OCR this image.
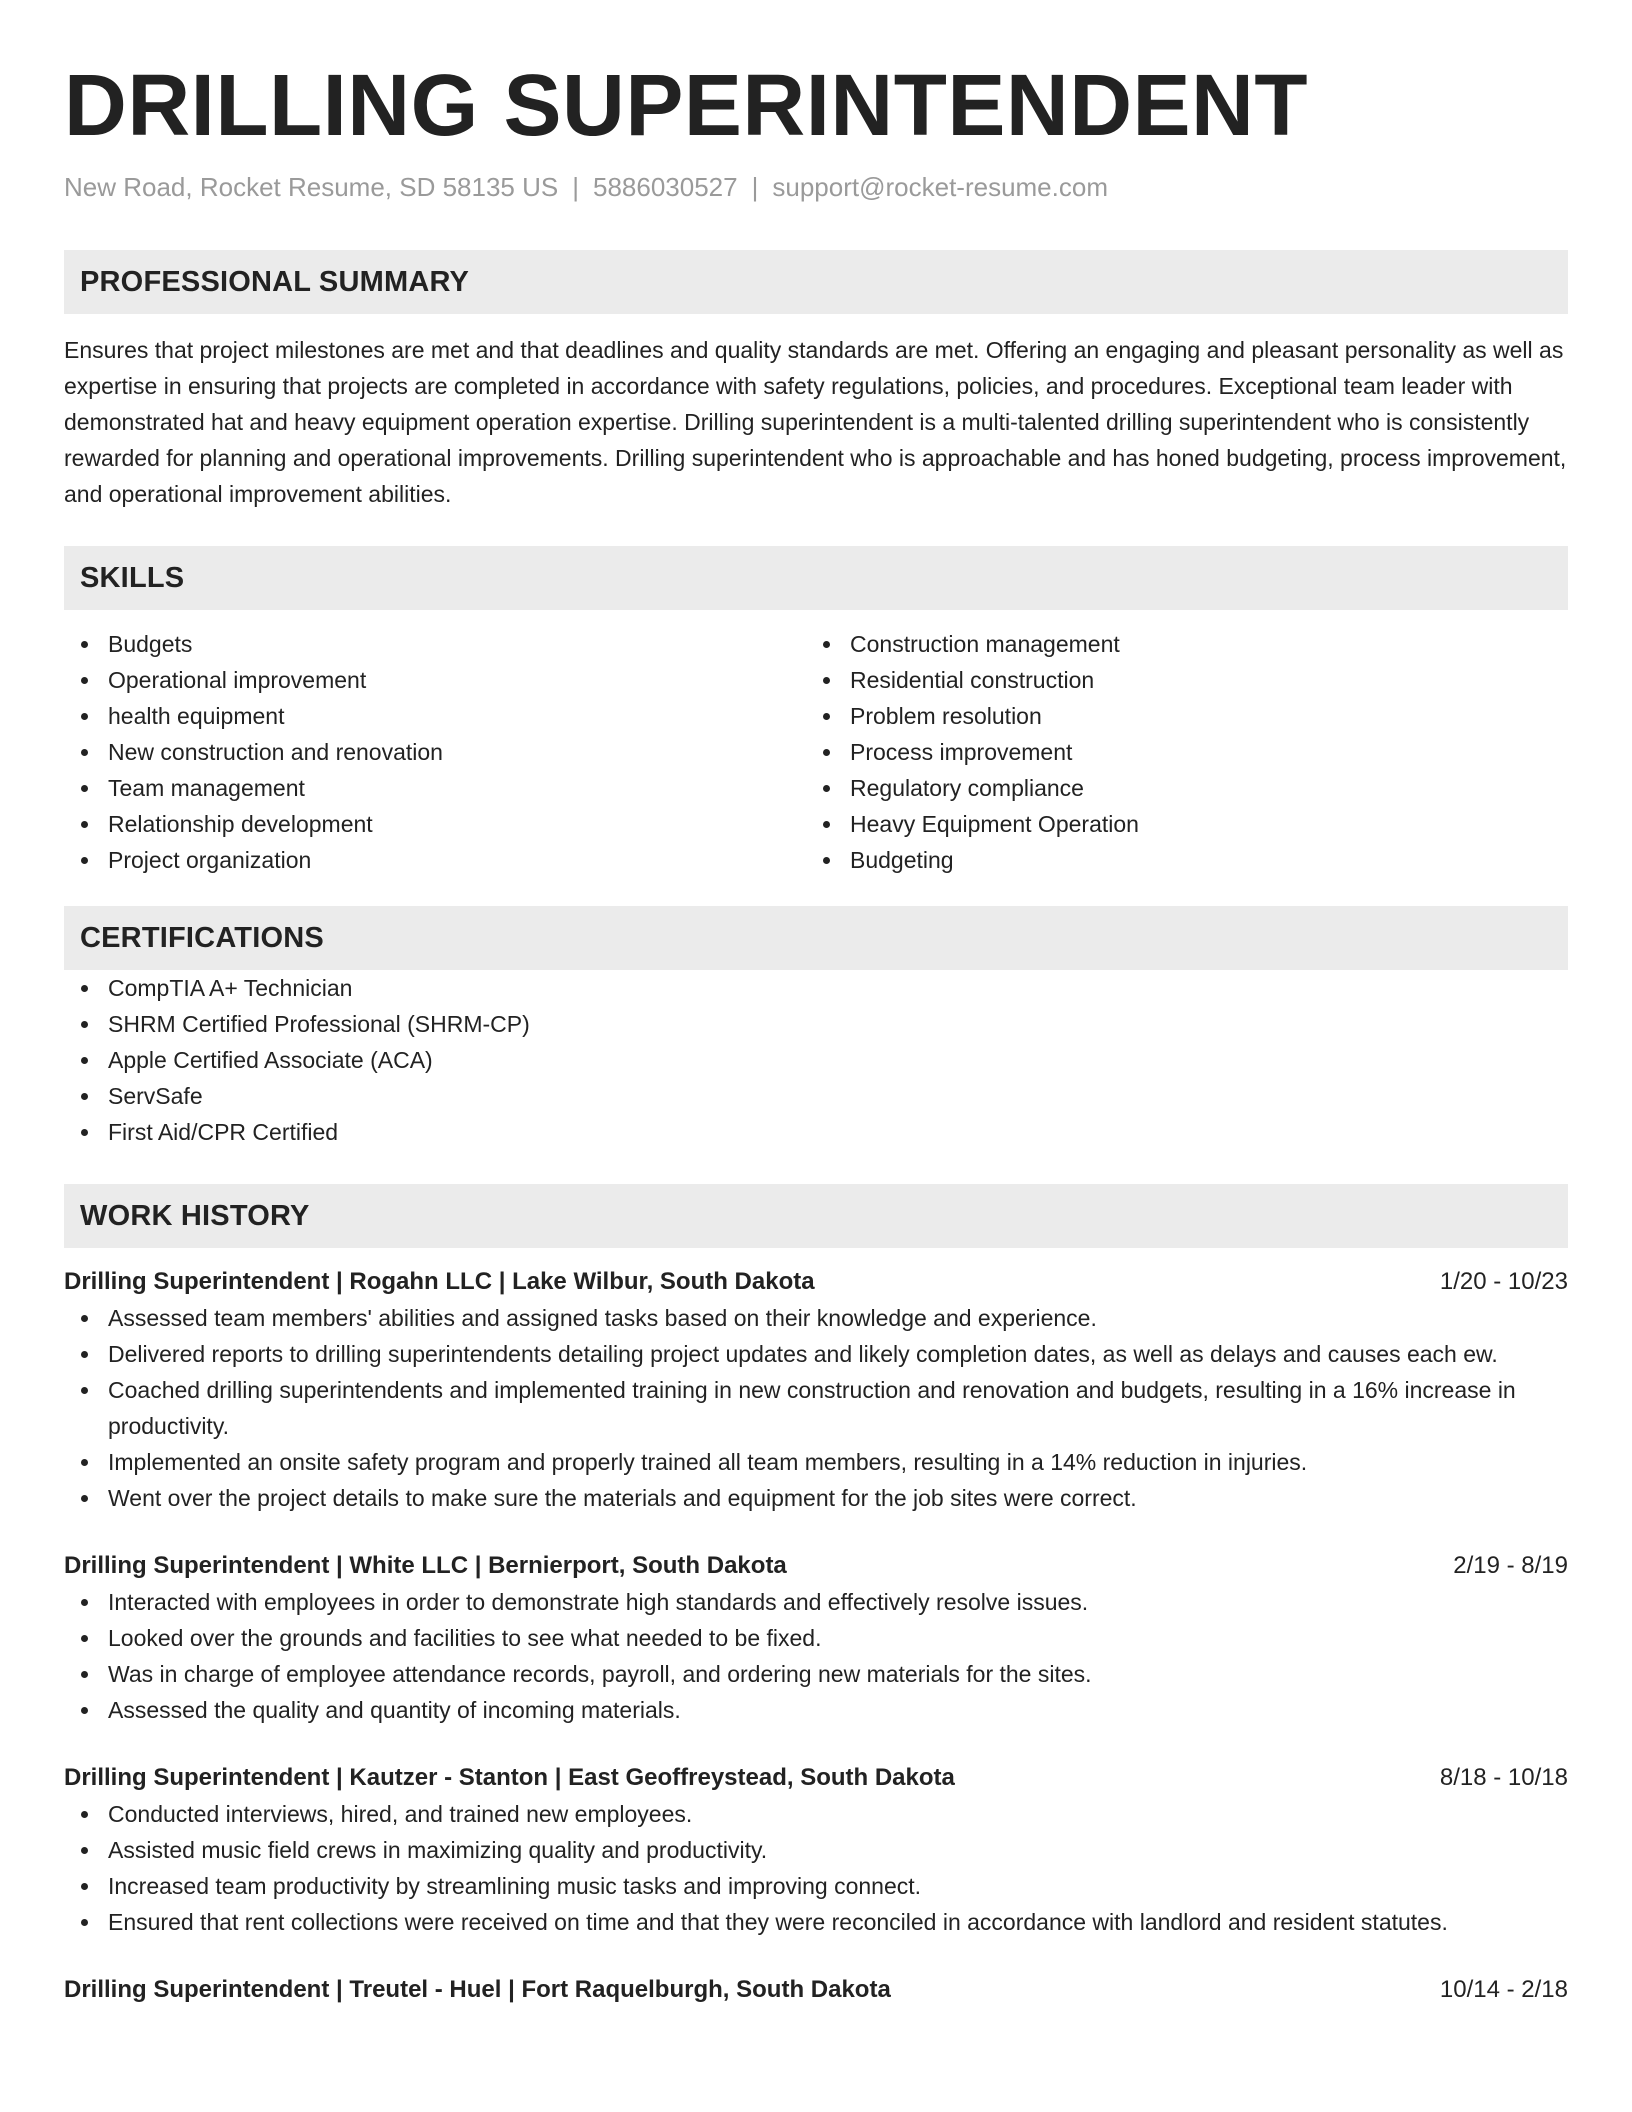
DRILLING SUPERINTENDENT
New Road, Rocket Resume, SD 58135 US | 5886030527 | support@rocket-resume.com
PROFESSIONAL SUMMARY
Ensures that project milestones are met and that deadlines and quality standards are met. Offering an engaging and pleasant personality as well as expertise in ensuring that projects are completed in accordance with safety regulations, policies, and procedures. Exceptional team leader with demonstrated hat and heavy equipment operation expertise. Drilling superintendent is a multi-talented drilling superintendent who is consistently rewarded for planning and operational improvements. Drilling superintendent who is approachable and has honed budgeting, process improvement, and operational improvement abilities.
SKILLS
Budgets
Operational improvement
health equipment
New construction and renovation
Team management
Relationship development
Project organization
Construction management
Residential construction
Problem resolution
Process improvement
Regulatory compliance
Heavy Equipment Operation
Budgeting
CERTIFICATIONS
CompTIA A+ Technician
SHRM Certified Professional (SHRM-CP)
Apple Certified Associate (ACA)
ServSafe
First Aid/CPR Certified
WORK HISTORY
Drilling Superintendent | Rogahn LLC | Lake Wilbur, South Dakota	1/20 - 10/23
Assessed team members' abilities and assigned tasks based on their knowledge and experience.
Delivered reports to drilling superintendents detailing project updates and likely completion dates, as well as delays and causes each ew.
Coached drilling superintendents and implemented training in new construction and renovation and budgets, resulting in a 16% increase in productivity.
Implemented an onsite safety program and properly trained all team members, resulting in a 14% reduction in injuries.
Went over the project details to make sure the materials and equipment for the job sites were correct.
Drilling Superintendent | White LLC | Bernierport, South Dakota	2/19 - 8/19
Interacted with employees in order to demonstrate high standards and effectively resolve issues.
Looked over the grounds and facilities to see what needed to be fixed.
Was in charge of employee attendance records, payroll, and ordering new materials for the sites.
Assessed the quality and quantity of incoming materials.
Drilling Superintendent | Kautzer - Stanton | East Geoffreystead, South Dakota	8/18 - 10/18
Conducted interviews, hired, and trained new employees.
Assisted music field crews in maximizing quality and productivity.
Increased team productivity by streamlining music tasks and improving connect.
Ensured that rent collections were received on time and that they were reconciled in accordance with landlord and resident statutes.
Drilling Superintendent | Treutel - Huel | Fort Raquelburgh, South Dakota	10/14 - 2/18
